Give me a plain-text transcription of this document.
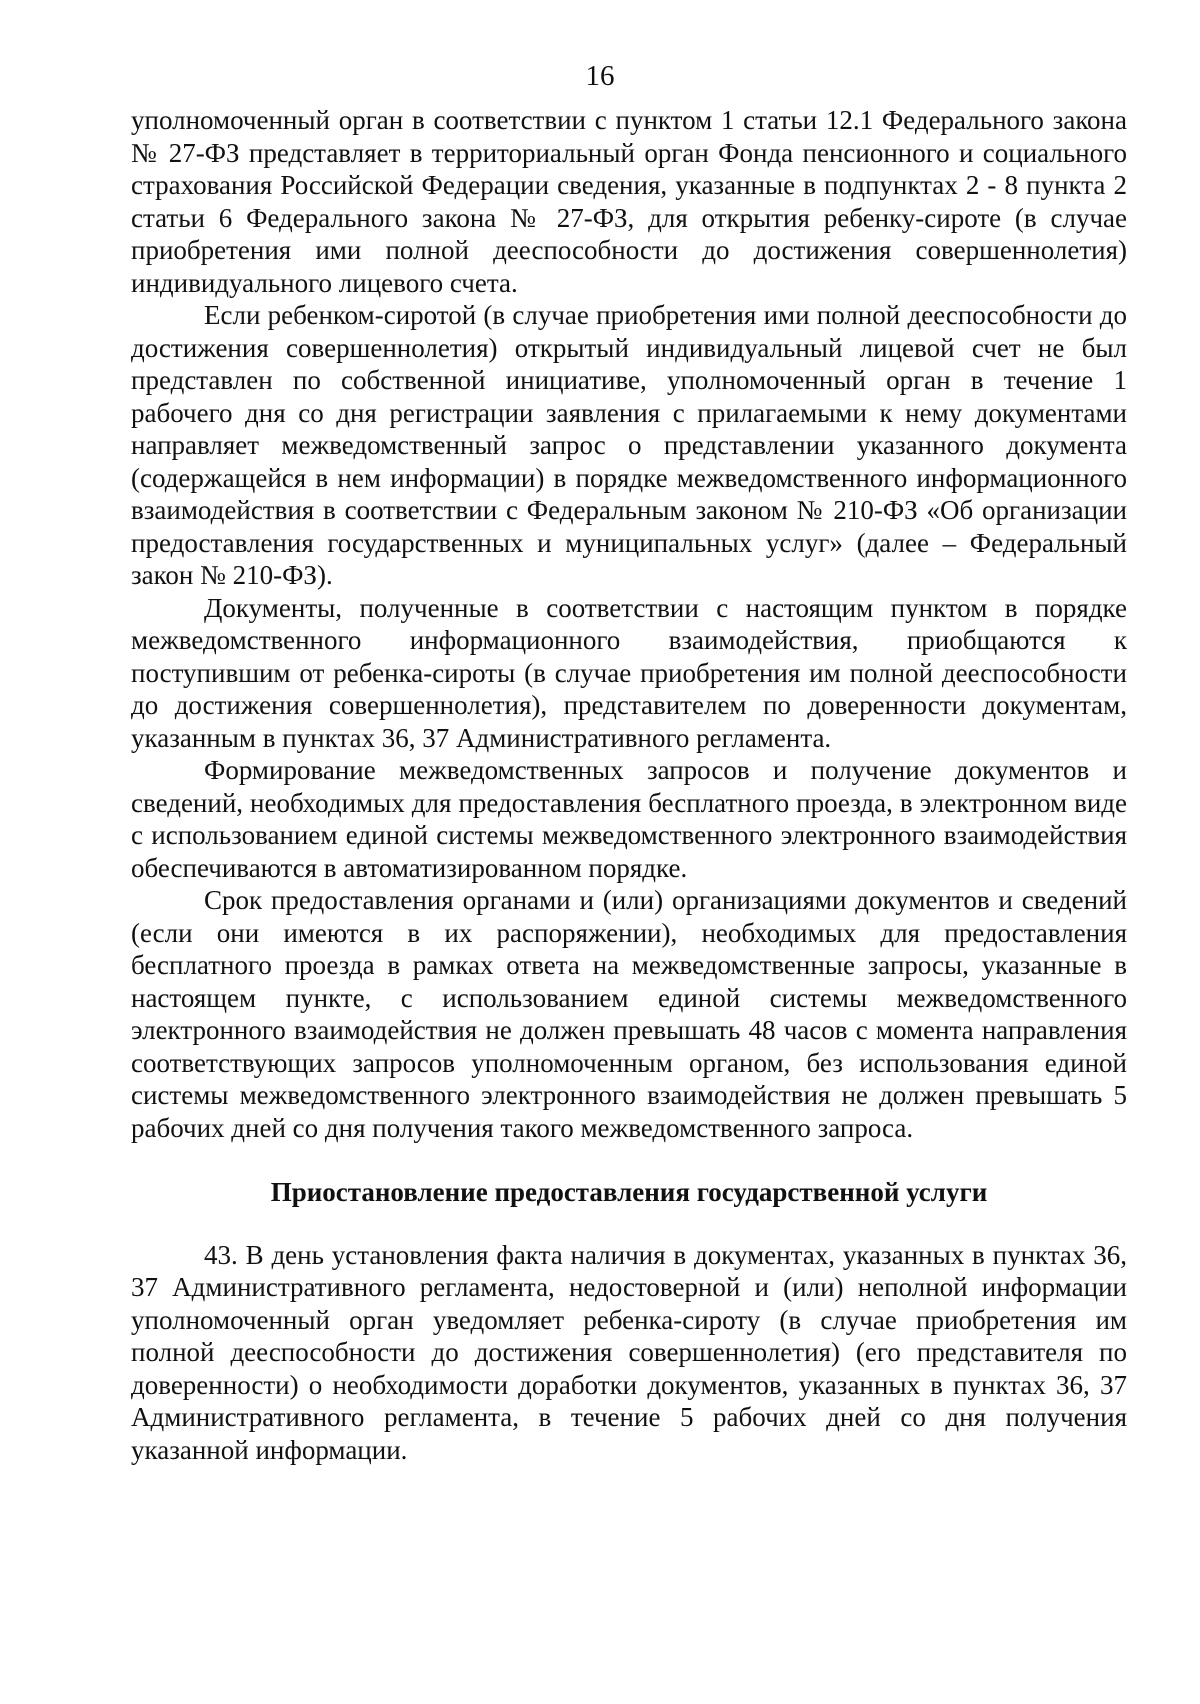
16

уполномоченный орган в соответствии с пунктом 1 статьи 12.1 Федерального закона № 27-ФЗ представляет в территориальный орган Фонда пенсионного и социального страхования Российской Федерации сведения, указанные в подпунктах 2 - 8 пункта 2 статьи 6 Федерального закона № 27-ФЗ, для открытия ребенку-сироте (в случае приобретения ими полной дееспособности до достижения совершеннолетия) индивидуального лицевого счета.

Если ребенком-сиротой (в случае приобретения ими полной дееспособности до достижения совершеннолетия) открытый индивидуальный лицевой счет не был представлен по собственной инициативе, уполномоченный орган в течение 1 рабочего дня со дня регистрации заявления с прилагаемыми к нему документами направляет межведомственный запрос о представлении указанного документа (содержащейся в нем информации) в порядке межведомственного информационного взаимодействия в соответствии с Федеральным законом № 210-ФЗ «Об организации предоставления государственных и муниципальных услуг» (далее – Федеральный закон № 210-ФЗ).

Документы, полученные в соответствии с настоящим пунктом в порядке межведомственного информационного взаимодействия, приобщаются к поступившим от ребенка-сироты (в случае приобретения им полной дееспособности до достижения совершеннолетия), представителем по доверенности документам, указанным в пунктах 36, 37 Административного регламента.

Формирование межведомственных запросов и получение документов и сведений, необходимых для предоставления бесплатного проезда, в электронном виде с использованием единой системы межведомственного электронного взаимодействия обеспечиваются в автоматизированном порядке.

Срок предоставления органами и (или) организациями документов и сведений (если они имеются в их распоряжении), необходимых для предоставления бесплатного проезда в рамках ответа на межведомственные запросы, указанные в настоящем пункте, с использованием единой системы межведомственного электронного взаимодействия не должен превышать 48 часов с момента направления соответствующих запросов уполномоченным органом, без использования единой системы межведомственного электронного взаимодействия не должен превышать 5 рабочих дней со дня получения такого межведомственного запроса.

Приостановление предоставления государственной услуги

43. В день установления факта наличия в документах, указанных в пунктах 36, 37 Административного регламента, недостоверной и (или) неполной информации уполномоченный орган уведомляет ребенка-сироту (в случае приобретения им полной дееспособности до достижения совершеннолетия) (его представителя по доверенности) о необходимости доработки документов, указанных в пунктах 36, 37 Административного регламента, в течение 5 рабочих дней со дня получения указанной информации.
